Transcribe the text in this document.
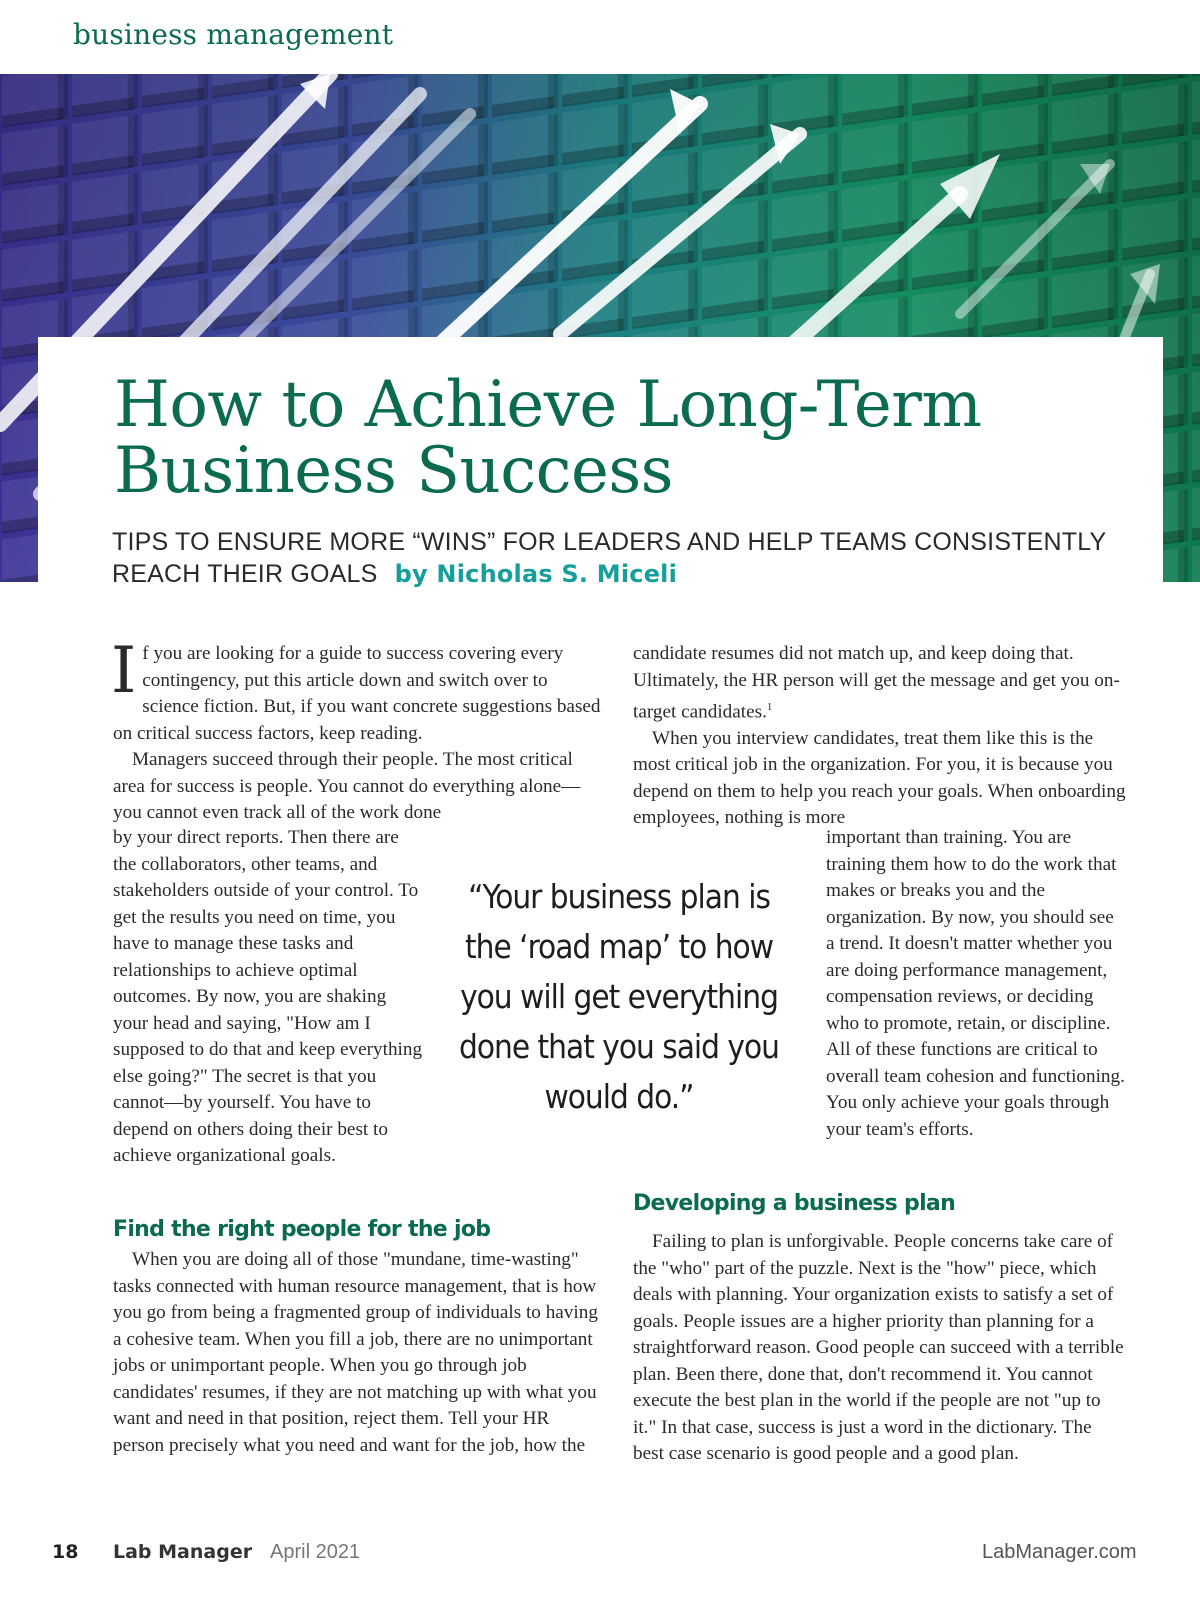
business management
How to Achieve Long-Term
Business Success
TIPS TO ENSURE MORE “WINS” FOR LEADERS AND HELP TEAMS CONSISTENTLY REACH THEIR GOALS by Nicholas S. Miceli

If you are looking for a guide to success covering every contingency, put this article down and switch over to science fiction. But, if you want concrete suggestions based on critical success factors, keep reading.

Managers succeed through their people. The most critical area for success is people. You cannot do everything alone—you cannot even track all of the work done

by your direct reports. Then there are the collaborators, other teams, and stakeholders outside of your control. To get the results you need on time, you have to manage these tasks and relationships to achieve optimal outcomes. By now, you are shaking your head and saying, "How am I supposed to do that and keep everything else going?" The secret is that you cannot—by yourself. You have to depend on others doing their best to achieve organizational goals.

Find the right people for the job

When you are doing all of those "mundane, time-wasting" tasks connected with human resource management, that is how you go from being a fragmented group of individuals to having a cohesive team. When you fill a job, there are no unimportant jobs or unimportant people. When you go through job candidates' resumes, if they are not matching up with what you want and need in that position, reject them. Tell your HR person precisely what you need and want for the job, how the

candidate resumes did not match up, and keep doing that. Ultimately, the HR person will get the message and get you on-target candidates.$^1$

When you interview candidates, treat them like this is the most critical job in the organization. For you, it is because you depend on them to help you reach your goals. When onboarding employees, nothing is more

important than training. You are training them how to do the work that makes or breaks you and the organization. By now, you should see a trend. It doesn't matter whether you are doing performance management, compensation reviews, or deciding who to promote, retain, or discipline. All of these functions are critical to overall team cohesion and functioning. You only achieve your goals through your team's efforts.

Developing a business plan

Failing to plan is unforgivable. People concerns take care of the "who" part of the puzzle. Next is the "how" piece, which deals with planning. Your organization exists to satisfy a set of goals. People issues are a higher priority than planning for a straightforward reason. Good people can succeed with a terrible plan. Been there, done that, don't recommend it. You cannot execute the best plan in the world if the people are not "up to it." In that case, success is just a word in the dictionary. The best case scenario is good people and a good plan.

“Your business plan is the ‘road map’ to how you will get everything done that you said you would do.”
18 Lab Manager April 2021	LabManager.com
